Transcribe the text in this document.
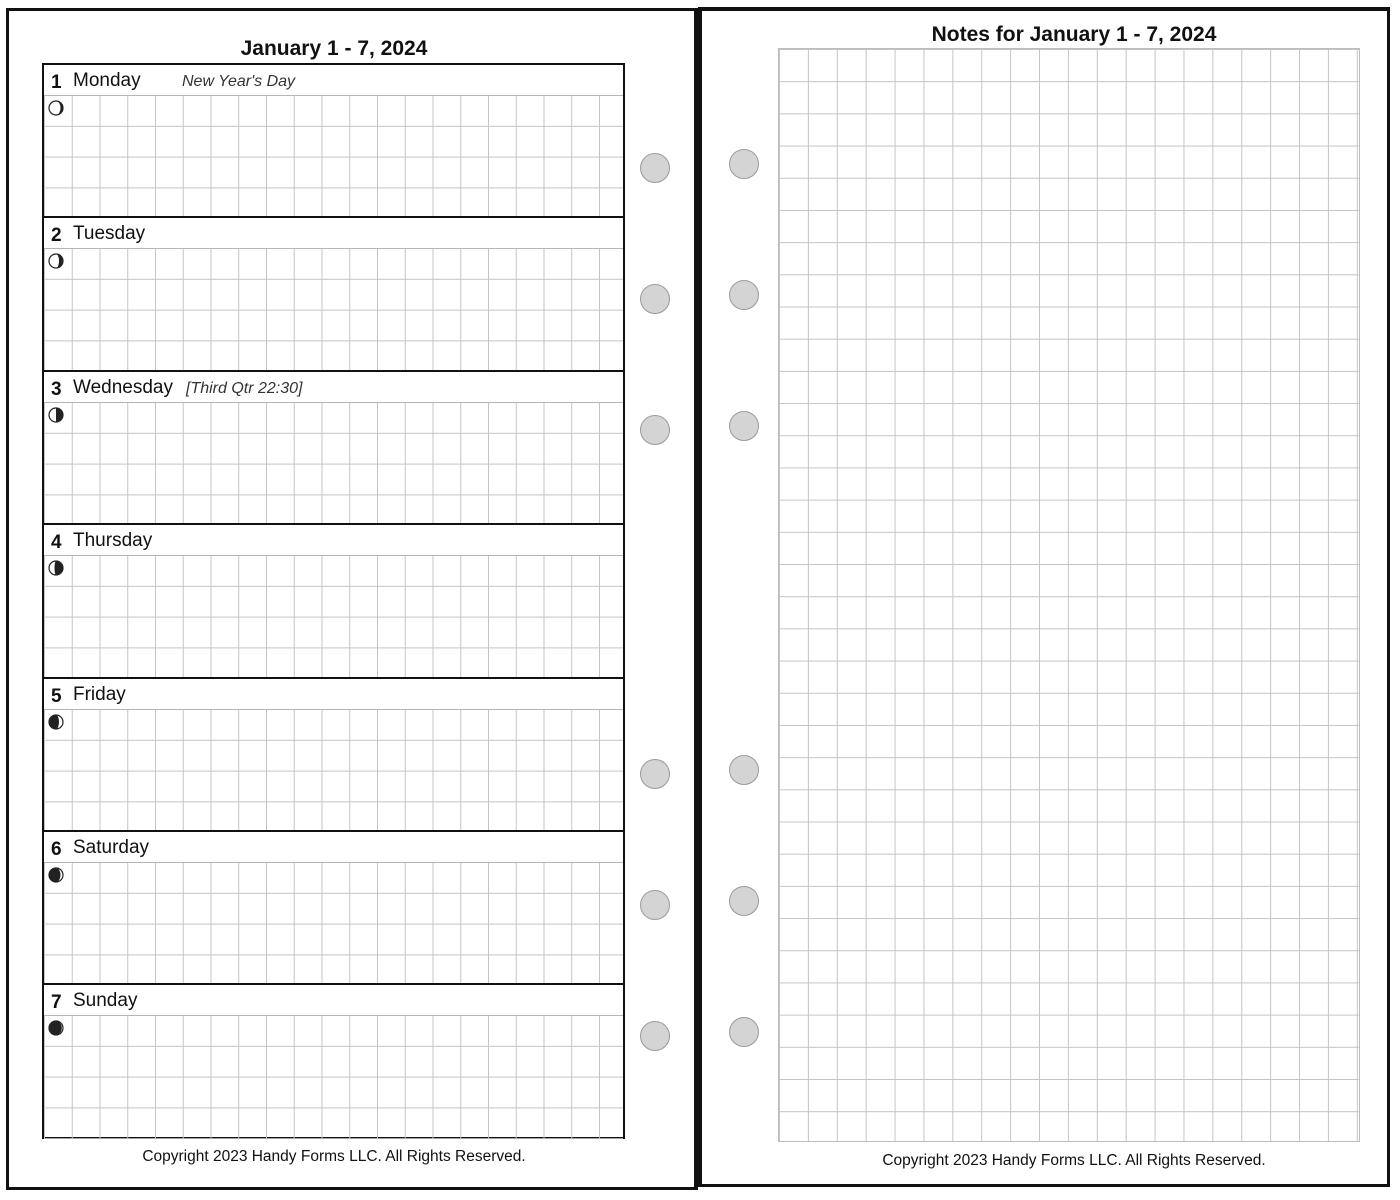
January 1 - 7, 2024
1 Monday	New Year's Day
2 Tuesday
3 Wednesday [Third Qtr 22:30]
4 Thursday
5 Friday
6 Saturday
7 Sunday
Copyright 2023 Handy Forms LLC. All Rights Reserved.
Notes for January 1 - 7, 2024
Copyright 2023 Handy Forms LLC. All Rights Reserved.
